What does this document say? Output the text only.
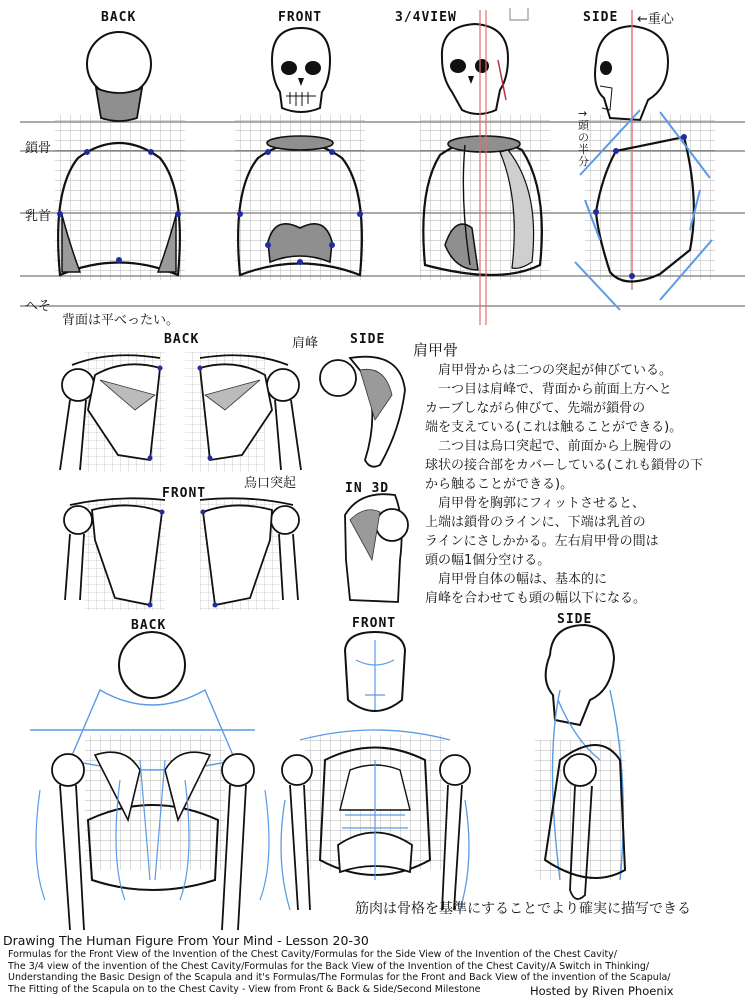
BACK	FRONT	3/4VIEW	SIDE ←重心
→頭の半分
鎖骨
乳首
へそ
背面は平べったい。
BACK	肩峰 SIDE
FRONT
烏口突起	IN 3D
肩甲骨

　肩甲骨からは二つの突起が伸びている。

　一つ目は肩峰で、背面から前面上方へと

カーブしながら伸びて、先端が鎖骨の

端を支えている(これは触ることができる)。

　二つ目は烏口突起で、前面から上腕骨の

球状の接合部をカバーしている(これも鎖骨の下

から触ることができる)。

　肩甲骨を胸郭にフィットさせると、

上端は鎖骨のラインに、下端は乳首の

ラインにさしかかる。左右肩甲骨の間は

頭の幅1個分空ける。

　肩甲骨自体の幅は、基本的に

肩峰を合わせても頭の幅以下になる。

BACK	FRONT	SIDE
筋肉は骨格を基準にすることでより確実に描写できる
Drawing The Human Figure From Your Mind - Lesson 20-30
Formulas for the Front View of the Invention of the Chest Cavity/Formulas for the Side View of the Invention of the Chest Cavity/
The 3/4 view of the invention of the Chest Cavity/Formulas for the Back View of the Invention of the Chest Cavity/A Switch in Thinking/
Understanding the Basic Design of the Scapula and it's Formulas/The Formulas for the Front and Back View of the invention of the Scapula/
The Fitting of the Scapula on to the Chest Cavity - View from Front & Back & Side/Second Milestone	Hosted by Riven Phoenix
